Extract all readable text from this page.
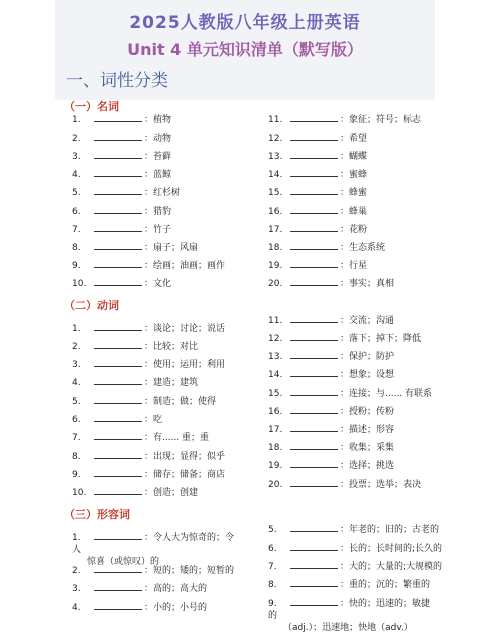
2025人教版八年级上册英语
Unit 4 单元知识清单（默写版）
一、词性分类
（一）名词
1.	：植物
2.	：动物
3.	：苔藓
4.	：蓝鲸
5.	：红杉树
6.	：猎豹
7.	：竹子
8.	：扇子；风扇
9.	：绘画；油画；画作
10.	：文化
11.	：象征；符号；标志
12.	：希望
13.	：蝴蝶
14.	：蜜蜂
15.	：蜂蜜
16.	：蜂巢
17.	：花粉
18.	：生态系统
19.	：行星
20.	：事实；真相
（二）动词
1.	：谈论；讨论；说话
2.	：比较；对比
3.	：使用；运用；利用
4.	：建造；建筑
5.	：制造；做；使得
6.	：吃
7.	：有...... 重；重
8.	：出现；显得；似乎
9.	：储存；储备；商店
10.	：创造；创建
11.	：交流；沟通
12.	：落下；掉下；降低
13.	：保护；防护
14.	：想象；设想
15.	：连接；与...... 有联系
16.	：授粉；传粉
17.	：描述；形容
18.	：收集；采集
19.	：选择；挑选
20.	：投票；选举；表决
（三）形容词
1.	：令人大为惊奇的；令人
惊喜（或惊叹）的
2.	：短的；矮的；短暂的
3.	：高的；高大的
4.	：小的；小号的
5.	：年老的；旧的；古老的
6.	：长的；长时间的;长久的
7.	：大的；大量的;大规模的
8.	：重的；沉的；繁重的
9.	：快的；迅速的；敏捷的
（adj.）；迅速地；快地（adv.）
